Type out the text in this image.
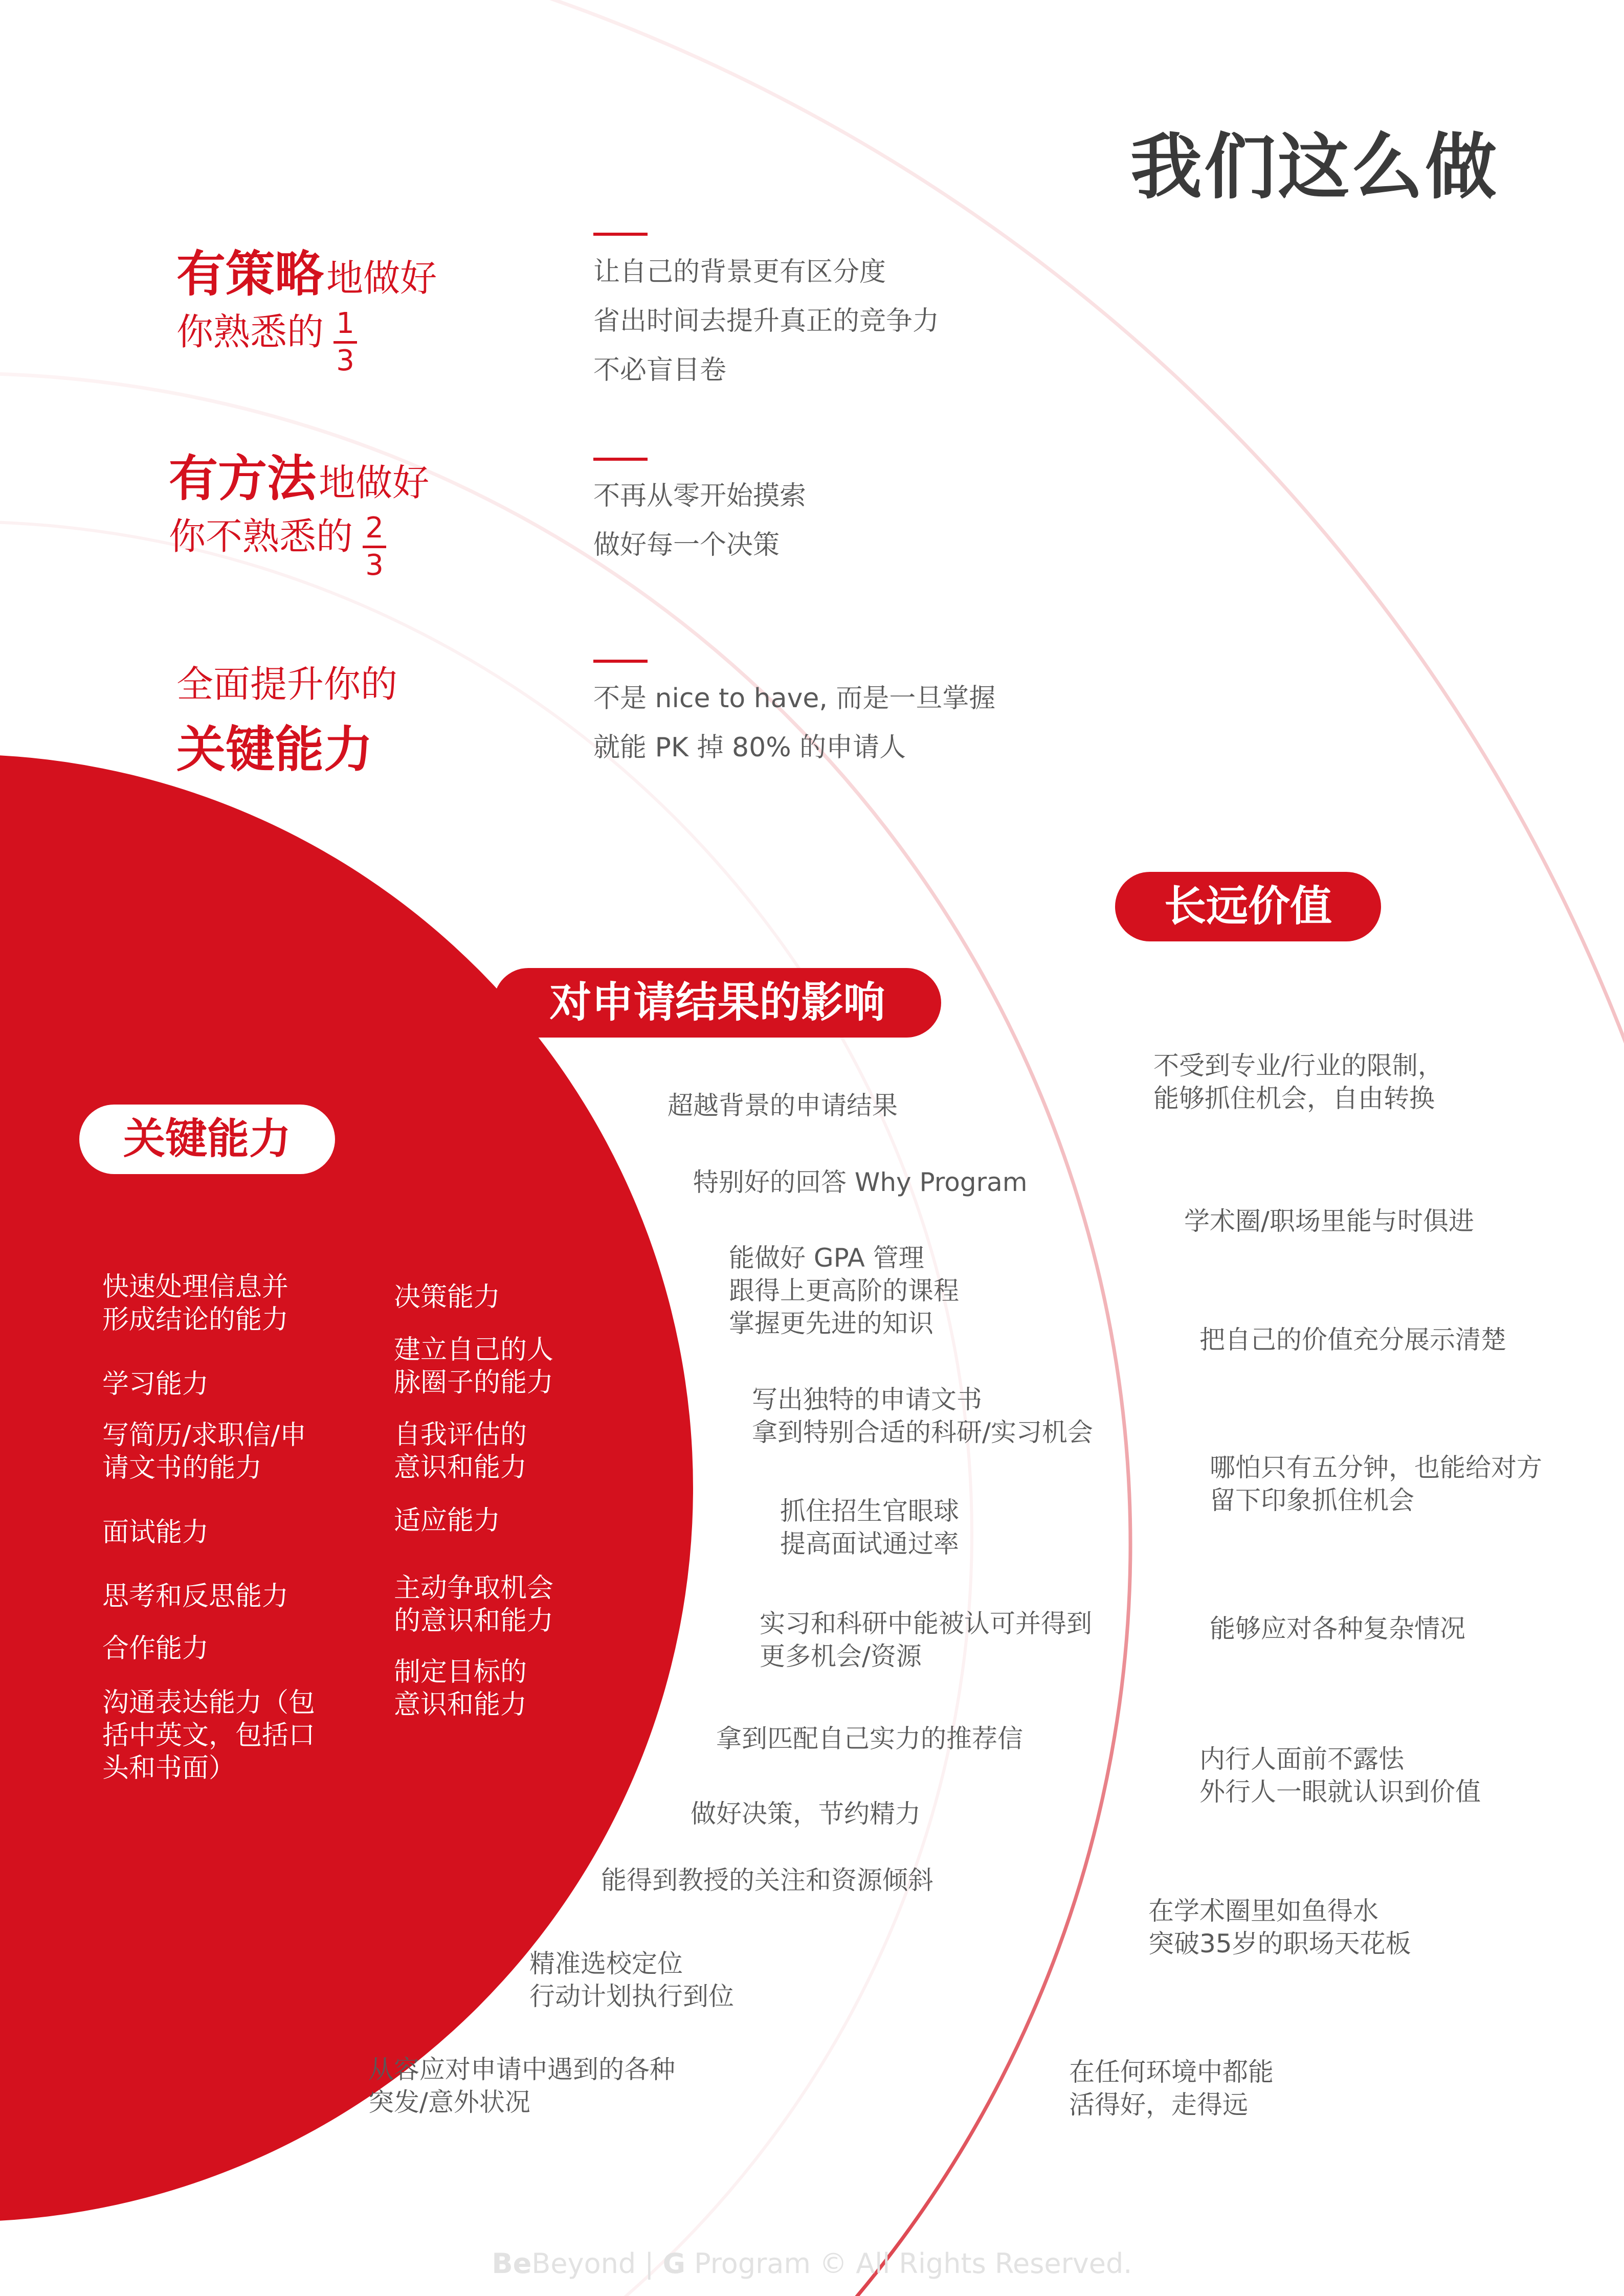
我们这么做
有策略 地做好
你熟悉的 1
3
让自己的背景更有区分度
省出时间去提升真正的竞争力
不必盲目卷
有方法 地做好
你不熟悉的 2
3
不再从零开始摸索
做好每一个决策
全面提升你的
关键能力
不是 nice to have, 而是一旦掌握
就能 PK 掉 80% 的申请人
长远价值
对申请结果的影响
关键能力
快速处理信息并
形成结论的能力
学习能力
写简历/求职信/申
请文书的能力
面试能力
思考和反思能力
合作能力
沟通表达能力（包
括中英文，包括口
头和书面）
决策能力
建立自己的人
脉圈子的能力
自我评估的
意识和能力
适应能力
主动争取机会
的意识和能力
制定目标的
意识和能力
超越背景的申请结果
特别好的回答 Why Program
能做好 GPA 管理
跟得上更高阶的课程
掌握更先进的知识
写出独特的申请文书
拿到特别合适的科研/实习机会
抓住招生官眼球
提高面试通过率
实习和科研中能被认可并得到
更多机会/资源
拿到匹配自己实力的推荐信
做好决策，节约精力
能得到教授的关注和资源倾斜
精准选校定位
行动计划执行到位
从容应对申请中遇到的各种
突发/意外状况
不受到专业/行业的限制，
能够抓住机会，自由转换
学术圈/职场里能与时俱进
把自己的价值充分展示清楚
哪怕只有五分钟，也能给对方
留下印象抓住机会
能够应对各种复杂情况
内行人面前不露怯
外行人一眼就认识到价值
在学术圈里如鱼得水
突破35岁的职场天花板
在任何环境中都能
活得好，走得远
BeBeyond | G Program © All Rights Reserved.
